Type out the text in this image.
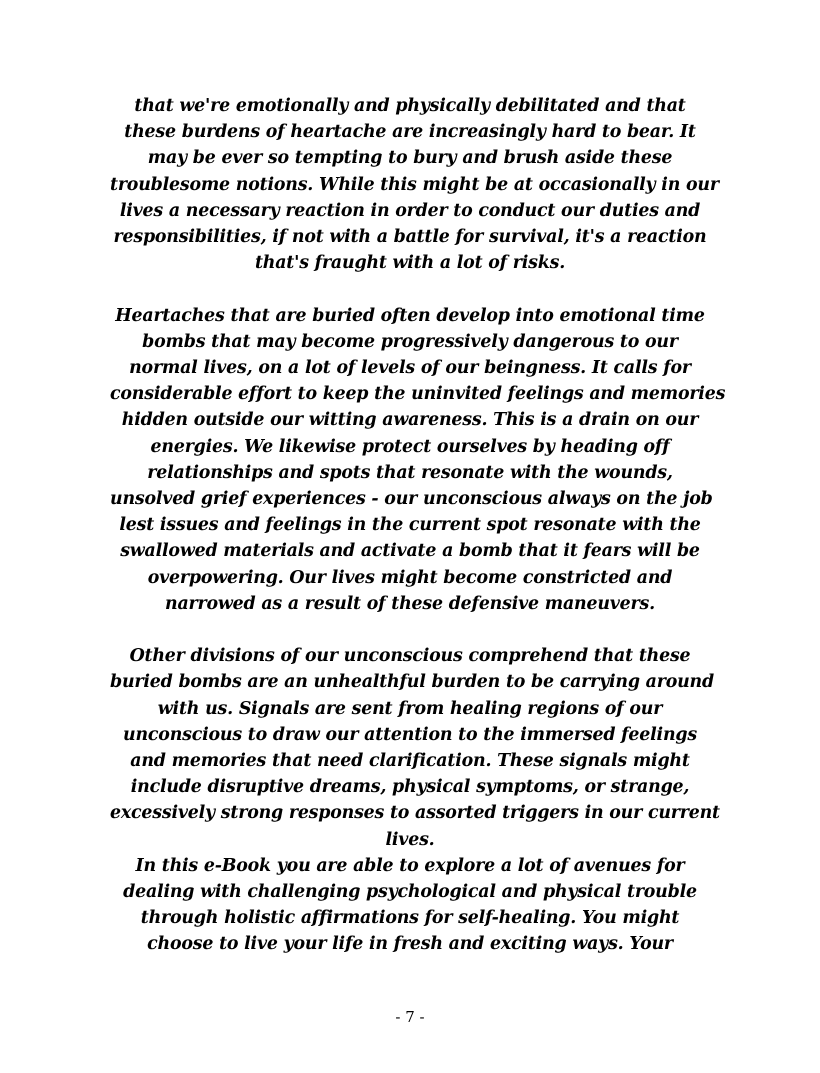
that we're emotionally and physically debilitated and that
these burdens of heartache are increasingly hard to bear. It
may be ever so tempting to bury and brush aside these
troublesome notions. While this might be at occasionally in our
lives a necessary reaction in order to conduct our duties and
responsibilities, if not with a battle for survival, it's a reaction
that's fraught with a lot of risks.

Heartaches that are buried often develop into emotional time
bombs that may become progressively dangerous to our
normal lives, on a lot of levels of our beingness. It calls for
considerable effort to keep the uninvited feelings and memories
hidden outside our witting awareness. This is a drain on our
energies. We likewise protect ourselves by heading off
relationships and spots that resonate with the wounds,
unsolved grief experiences - our unconscious always on the job
lest issues and feelings in the current spot resonate with the
swallowed materials and activate a bomb that it fears will be
overpowering. Our lives might become constricted and
narrowed as a result of these defensive maneuvers.

Other divisions of our unconscious comprehend that these
buried bombs are an unhealthful burden to be carrying around
with us. Signals are sent from healing regions of our
unconscious to draw our attention to the immersed feelings
and memories that need clarification. These signals might
include disruptive dreams, physical symptoms, or strange,
excessively strong responses to assorted triggers in our current
lives.

In this e-Book you are able to explore a lot of avenues for
dealing with challenging psychological and physical trouble
through holistic affirmations for self-healing. You might
choose to live your life in fresh and exciting ways. Your

- 7 -
